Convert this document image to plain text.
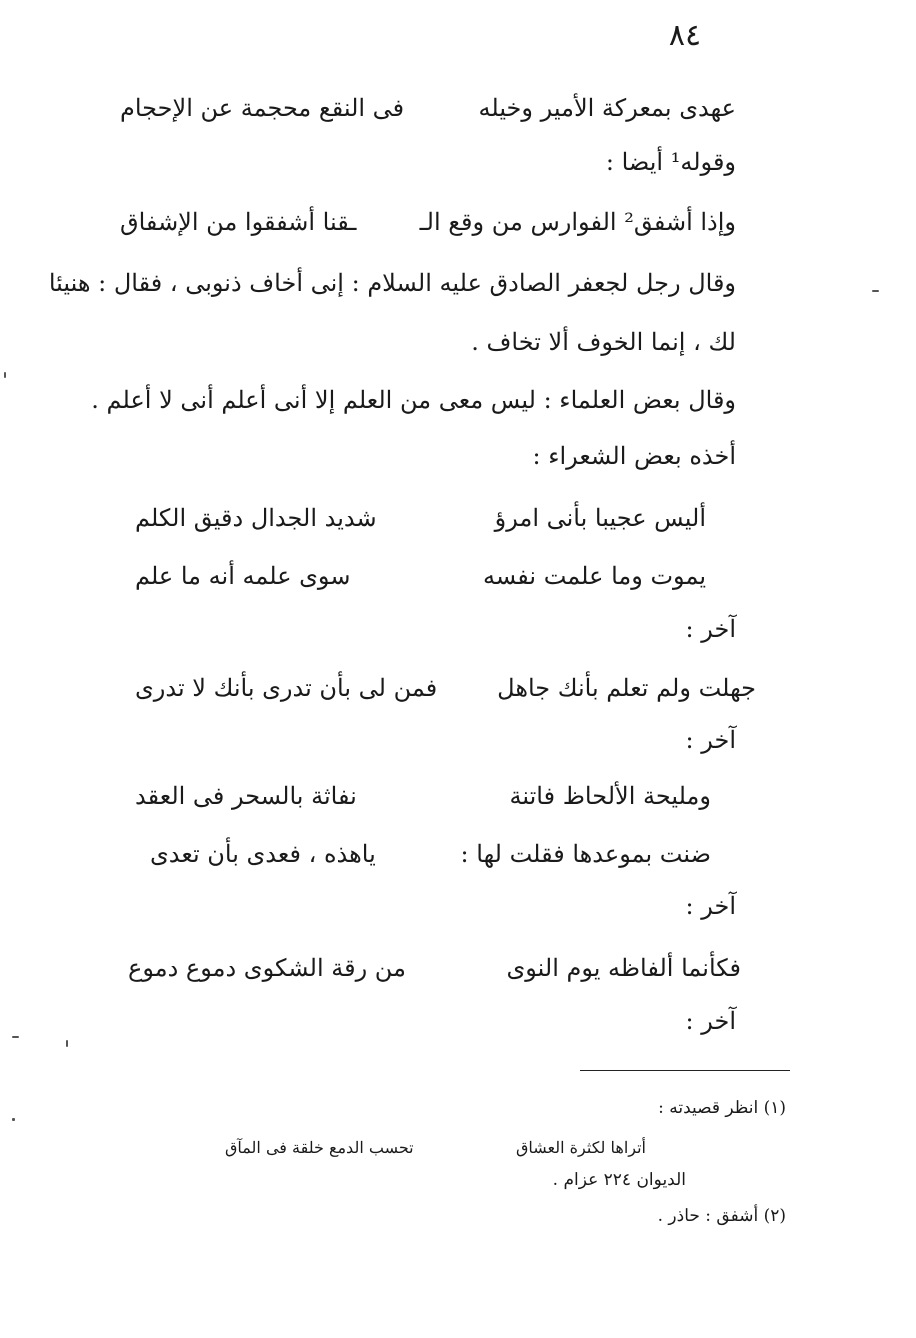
٨٤
عهدى بمعركة الأمير وخيله
فى النقع محجمة عن الإحجام
وقوله¹ أيضا :
وإذا أشفق² الفوارس من وقع الـ
ـقنا أشفقوا من الإشفاق
وقال رجل لجعفر الصادق عليه السلام : إنى أخاف ذنوبى ، فقال : هنيئا
لك ، إنما الخوف ألا تخاف .
وقال بعض العلماء : ليس معى من العلم إلا أنى أعلم أنى لا أعلم .
أخذه بعض الشعراء :
أليس عجيبا بأنى امرؤ
شديد الجدال دقيق الكلم
يموت وما علمت نفسه
سوى علمه أنه ما علم
آخر :
جهلت ولم تعلم بأنك جاهل
فمن لى بأن تدرى بأنك لا تدرى
آخر :
ومليحة الألحاظ فاتنة
نفاثة بالسحر فى العقد
ضنت بموعدها فقلت لها :
ياهذه ، فعدى بأن تعدى
آخر :
فكأنما ألفاظه يوم النوى
من رقة الشكوى دموع دموع
آخر :
(١) انظر قصيدته :
أتراها لكثرة العشاق
تحسب الدمع خلقة فى المآق
الديوان ٢٢٤ عزام .
(٢) أشفق : حاذر .
